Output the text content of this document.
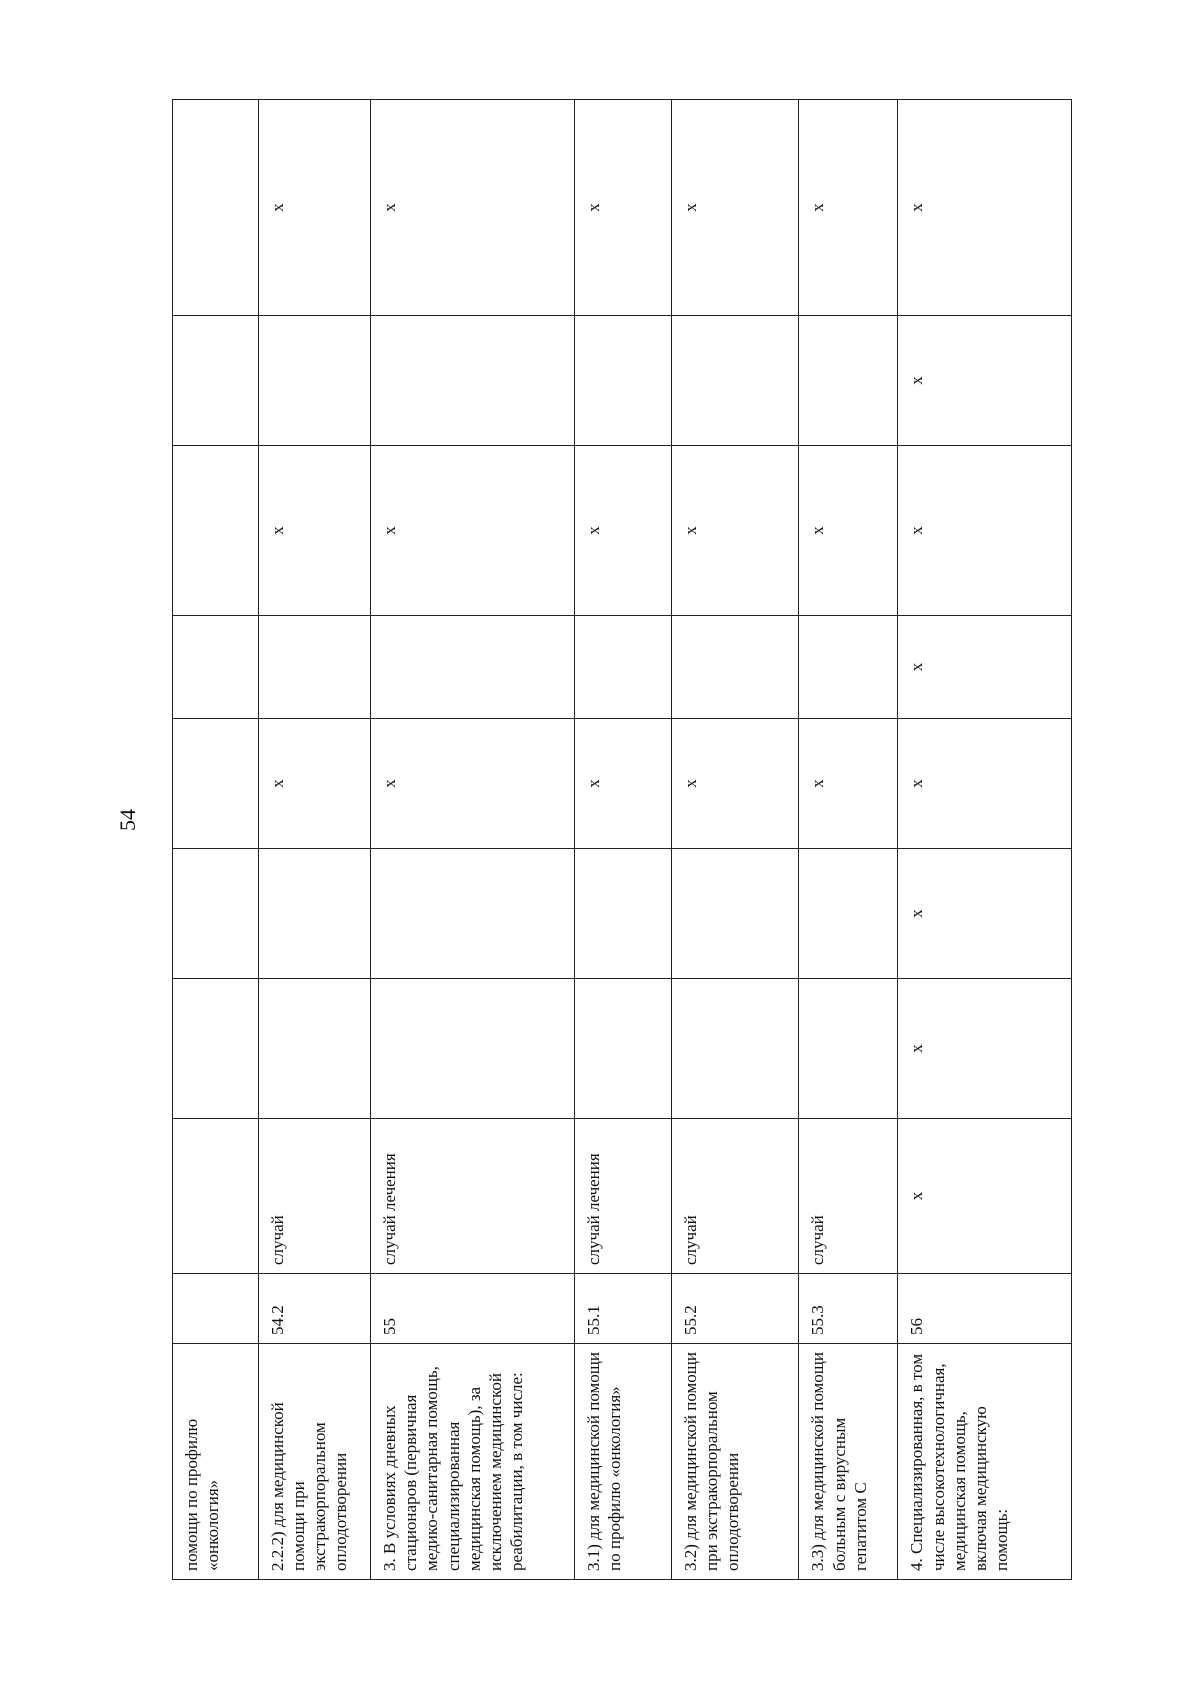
54
помощи по профилю «онкология»									
2.2.2) для медицинской помощи при экстракорпоральном оплодотворении	54.2	случай			х		х		х
3. В условиях дневных стационаров (первичная медико-санитарная помощь, специализированная медицинская помощь), за исключением медицинской реабилитации, в том числе:	55	случай лечения			х		х		х
3.1) для медицинской помощи по профилю «онкология»	55.1	случай лечения			х		х		х
3.2) для медицинской помощи при экстракорпоральном оплодотворении	55.2	случай			х		х		х
3.3) для медицинской помощи больным с вирусным гепатитом С	55.3	случай			х		х		х
4. Специализированная, в том числе высокотехнологичная, медицинская помощь, включая медицинскую помощь:	56	х	х	х	х	х	х	х	х
